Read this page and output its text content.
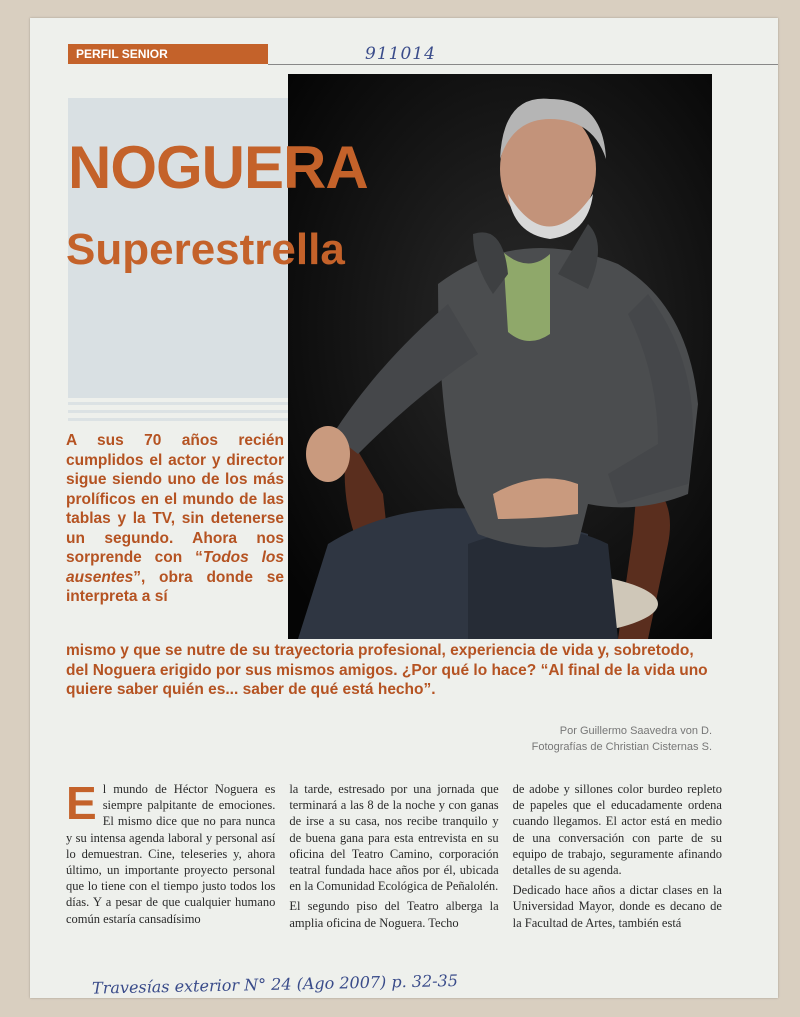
PERFIL SENIOR	911014
NOGUERA
Superestrella
A sus 70 años recién cumplidos el actor y director sigue siendo uno de los más prolíficos en el mundo de las tablas y la TV, sin detenerse un segundo. Ahora nos sorprende con “Todos los ausentes”, obra donde se interpreta a sí
mismo y que se nutre de su trayectoria profesional, experiencia de vida y, sobretodo, del Noguera erigido por sus mismos amigos. ¿Por qué lo hace? “Al final de la vida uno quiere saber quién es... saber de qué está hecho”.
Por Guillermo Saavedra von D.
Fotografías de Christian Cisternas S.

El mundo de Héctor Noguera es siempre palpitante de emociones. El mismo dice que no para nunca y su intensa agenda laboral y personal así lo demuestran. Cine, teleseries y, ahora último, un importante proyecto personal que lo tiene con el tiempo justo todos los días. Y a pesar de que cualquier humano común estaría cansadísimo

la tarde, estresado por una jornada que terminará a las 8 de la noche y con ganas de irse a su casa, nos recibe tranquilo y de buena gana para esta entrevista en su oficina del Teatro Camino, corporación teatral fundada hace años por él, ubicada en la Comunidad Ecológica de Peñalolén.

El segundo piso del Teatro alberga la amplia oficina de Noguera. Techo

de adobe y sillones color burdeo repleto de papeles que el educadamente ordena cuando llegamos. El actor está en medio de una conversación con parte de su equipo de trabajo, seguramente afinando detalles de su agenda.

Dedicado hace años a dictar clases en la Universidad Mayor, donde es decano de la Facultad de Artes, también está

Travesías exterior N° 24 (Ago 2007) p. 32-35
